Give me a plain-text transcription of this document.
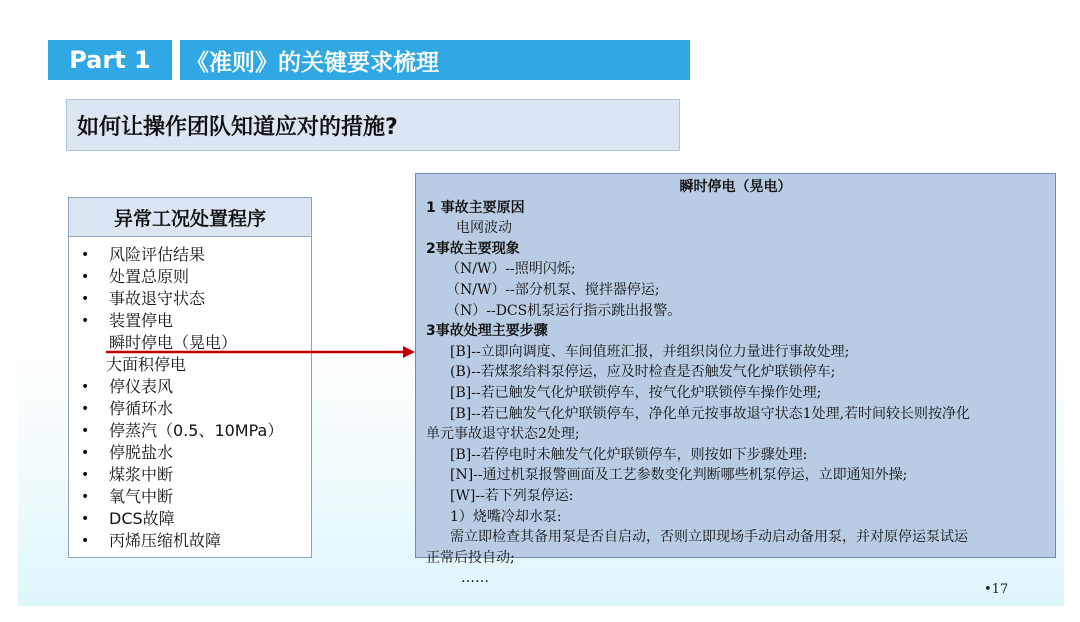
Part 1	《准则》的关键要求梳理
如何让操作团队知道应对的措施?
异常工况处置程序
• 风险评估结果
• 处置总原则
• 事故退守状态
• 装置停电
瞬时停电（晃电）
大面积停电
• 停仪表风
• 停循环水
• 停蒸汽（0.5、10MPa）
• 停脱盐水
• 煤浆中断
• 氧气中断
• DCS故障
• 丙烯压缩机故障
瞬时停电（晃电）
1 事故主要原因
电网波动
2事故主要现象
（N/W）--照明闪烁;
（N/W）--部分机泵、搅拌器停运;
（N）--DCS机泵运行指示跳出报警。
3事故处理主要步骤
[B]--立即向调度、车间值班汇报，并组织岗位力量进行事故处理;
(B)--若煤浆给料泵停运，应及时检查是否触发气化炉联锁停车;
[B]--若已触发气化炉联锁停车，按气化炉联锁停车操作处理;
[B]--若已触发气化炉联锁停车，净化单元按事故退守状态1处理,若时间较长则按净化
单元事故退守状态2处理;
[B]--若停电时未触发气化炉联锁停车，则按如下步骤处理:
[N]--通过机泵报警画面及工艺参数变化判断哪些机泵停运，立即通知外操;
[W]--若下列泵停运:
1）烧嘴冷却水泵:
需立即检查其备用泵是否自启动，否则立即现场手动启动备用泵，并对原停运泵试运
正常后投自动;
……
•17
